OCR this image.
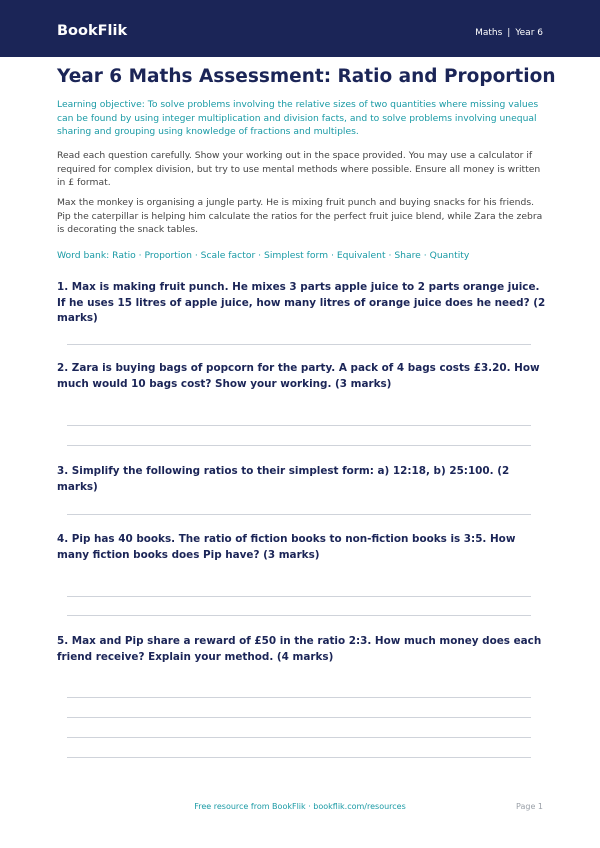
BookFlik	Maths | Year 6
Year 6 Maths Assessment: Ratio and Proportion

Learning objective: To solve problems involving the relative sizes of two quantities where missing values can be found by using integer multiplication and division facts, and to solve problems involving unequal sharing and grouping using knowledge of fractions and multiples.

Read each question carefully. Show your working out in the space provided. You may use a calculator if required for complex division, but try to use mental methods where possible. Ensure all money is written in £ format.

Max the monkey is organising a jungle party. He is mixing fruit punch and buying snacks for his friends. Pip the caterpillar is helping him calculate the ratios for the perfect fruit juice blend, while Zara the zebra is decorating the snack tables.

Word bank: Ratio · Proportion · Scale factor · Simplest form · Equivalent · Share · Quantity

1. Max is making fruit punch. He mixes 3 parts apple juice to 2 parts orange juice. If he uses 15 litres of apple juice, how many litres of orange juice does he need? (2 marks)

2. Zara is buying bags of popcorn for the party. A pack of 4 bags costs £3.20. How much would 10 bags cost? Show your working. (3 marks)

3. Simplify the following ratios to their simplest form: a) 12:18, b) 25:100. (2 marks)

4. Pip has 40 books. The ratio of fiction books to non-fiction books is 3:5. How many fiction books does Pip have? (3 marks)

5. Max and Pip share a reward of £50 in the ratio 2:3. How much money does each friend receive? Explain your method. (4 marks)

Free resource from BookFlik · bookflik.com/resources	Page 1
